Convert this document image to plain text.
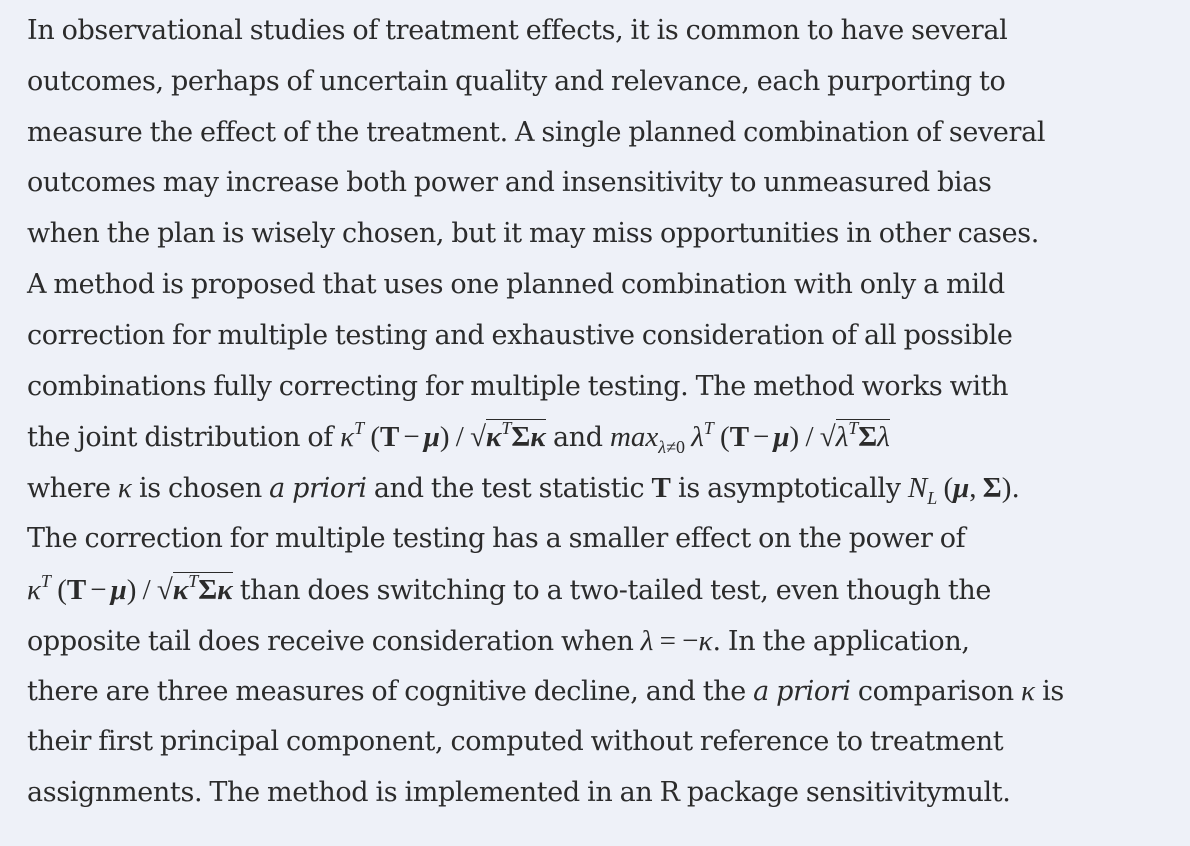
In observational studies of treatment effects, it is common to have several
outcomes, perhaps of uncertain quality and relevance, each purporting to
measure the effect of the treatment. A single planned combination of several
outcomes may increase both power and insensitivity to unmeasured bias
when the plan is wisely chosen, but it may miss opportunities in other cases.
A method is proposed that uses one planned combination with only a mild
correction for multiple testing and exhaustive consideration of all possible
combinations fully correcting for multiple testing. The method works with
the joint distribution of $\kappa^T$ $(T - \mu) / √\kappa^T\Sigma\kappa$ and $\max_{\lambda\ne 0} \lambda^T$ $(T - \mu) / √\lambda^T\Sigma\lambda$
where κ is chosen a priori and the test statistic T is asymptotically $N_L$ (μ, Σ).
The correction for multiple testing has a smaller effect on the power of
$\kappa^T$ $(T - \mu) / √\kappa^T\Sigma\kappa$ than does switching to a two-tailed test, even though the
opposite tail does receive consideration when λ = −κ. In the application,
there are three measures of cognitive decline, and the a priori comparison κ is
their first principal component, computed without reference to treatment
assignments. The method is implemented in an R package sensitivitymult.
